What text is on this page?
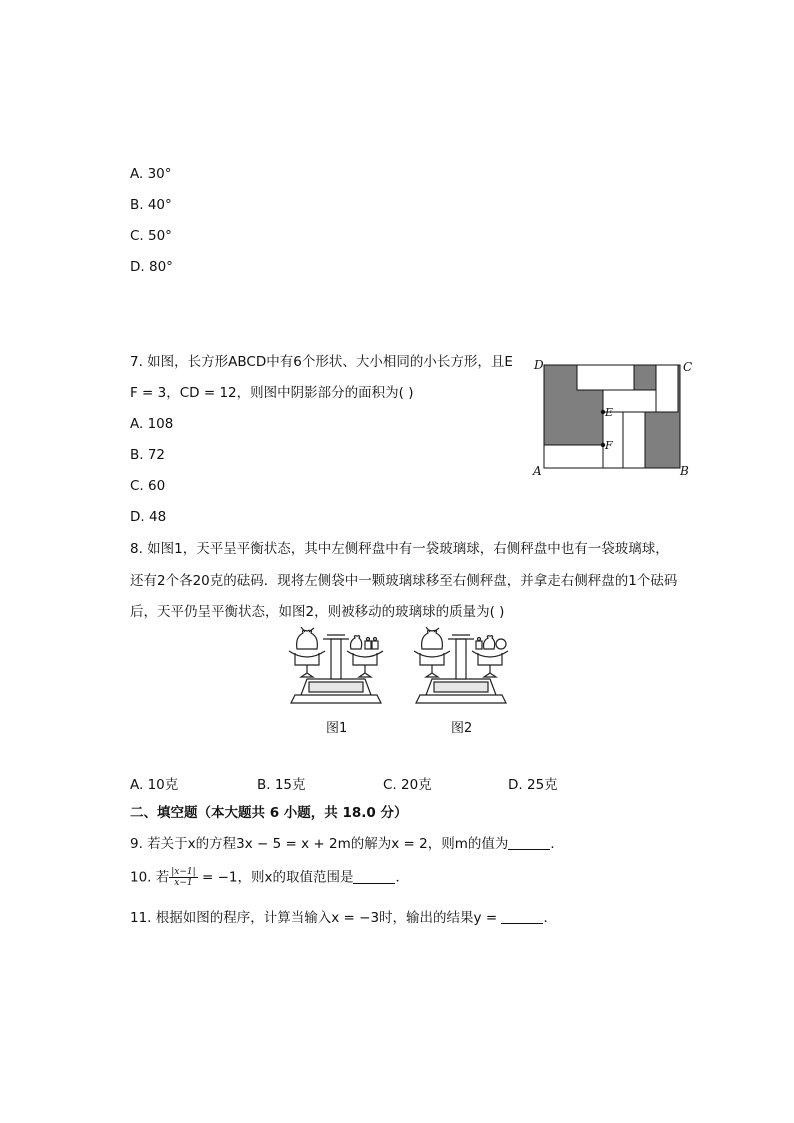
A. 30°
B. 40°
C. 50°
D. 80°
7. 如图，长方形ABCD中有6个形状、大小相同的小长方形，且E
F = 3，CD = 12，则图中阴影部分的面积为( )
A. 108
B. 72
C. 60
D. 48
D	C
A	B
E
F
8. 如图1，天平呈平衡状态，其中左侧秤盘中有一袋玻璃球，右侧秤盘中也有一袋玻璃球，
还有2个各20克的砝码．现将左侧袋中一颗玻璃球移至右侧秤盘，并拿走右侧秤盘的1个砝码
后，天平仍呈平衡状态，如图2，则被移动的玻璃球的质量为( )
图1	图2
A. 10克	B. 15克	C. 20克	D. 25克
二、填空题（本大题共 6 小题，共 18.0 分）
9. 若关于x的方程3x − 5 = x + 2m的解为x = 2，则m的值为	．
10. 若 $\frac{|x-1|}{x-1} = -1$，则x的取值范围是	．
11. 根据如图的程序，计算当输入x = −3时，输出的结果y =	．
